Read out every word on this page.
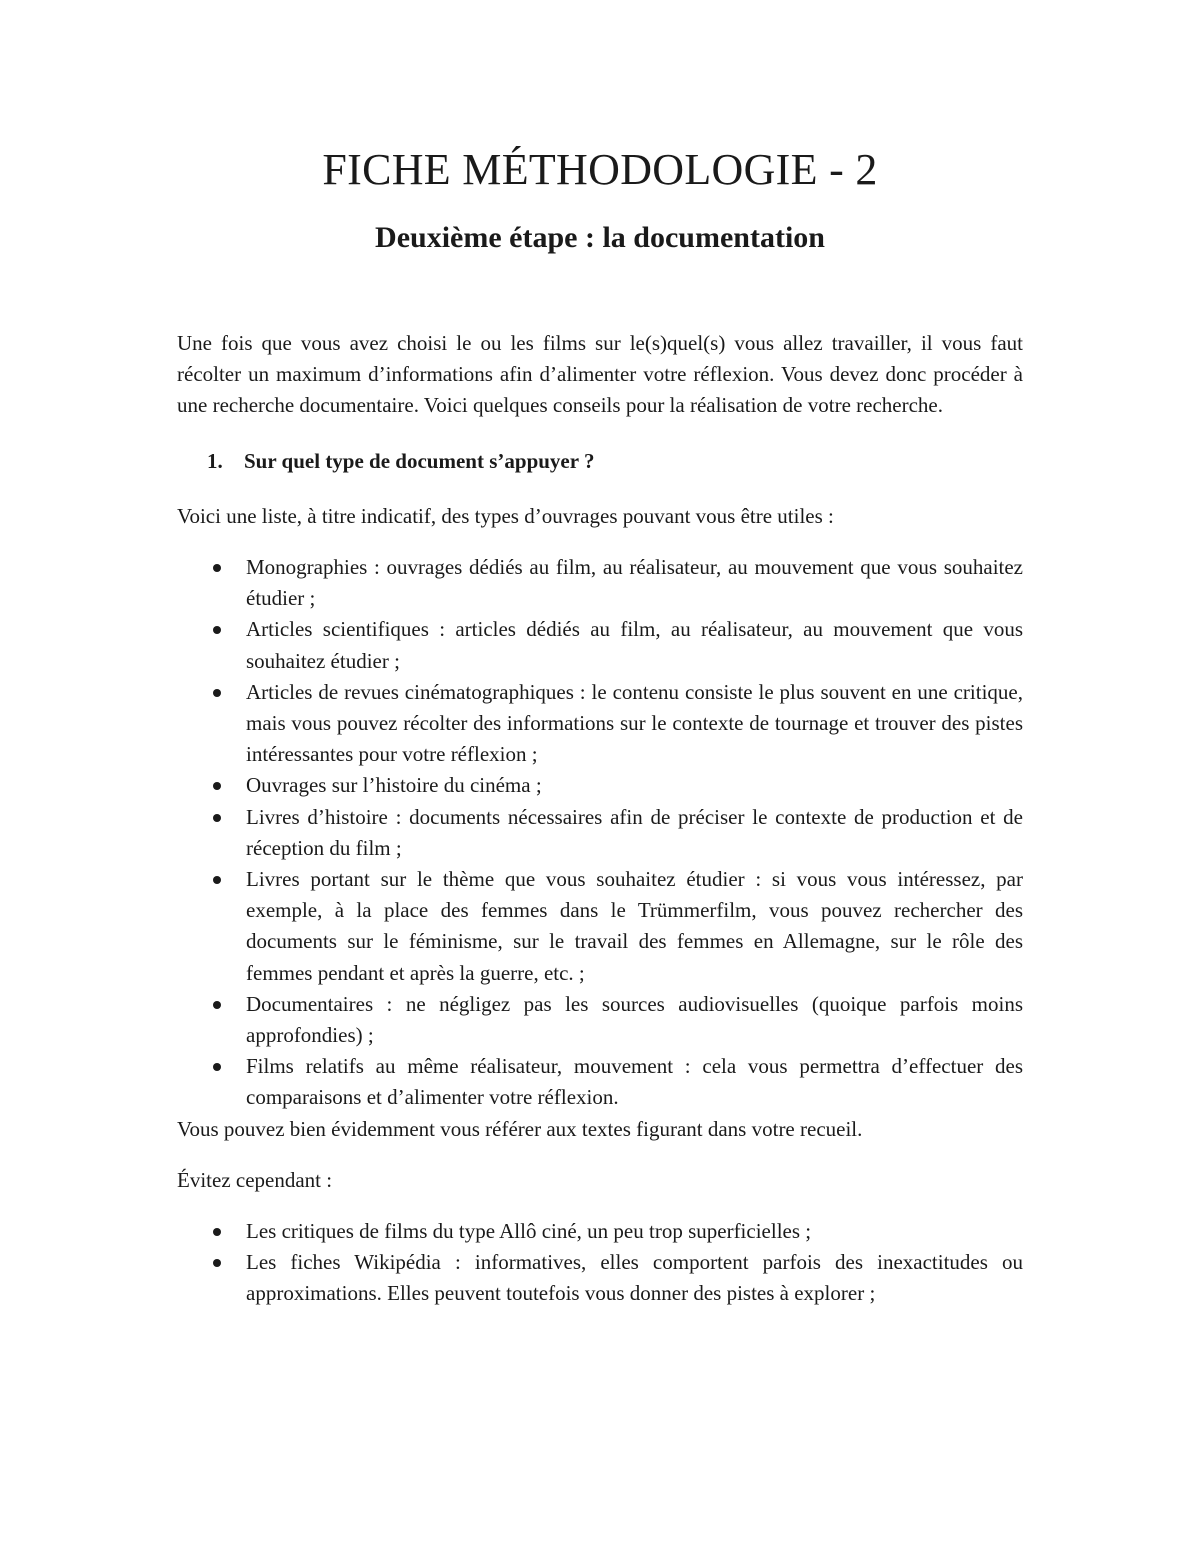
FICHE MÉTHODOLOGIE - 2
Deuxième étape : la documentation

Une fois que vous avez choisi le ou les films sur le(s)quel(s) vous allez travailler, il vous faut récolter un maximum d’informations afin d’alimenter votre réflexion. Vous devez donc procéder à une recherche documentaire. Voici quelques conseils pour la réalisation de votre recherche.

1.	Sur quel type de document s’appuyer ?

Voici une liste, à titre indicatif, des types d’ouvrages pouvant vous être utiles :

Monographies : ouvrages dédiés au film, au réalisateur, au mouvement que vous souhaitez étudier ;
Articles scientifiques : articles dédiés au film, au réalisateur, au mouvement que vous souhaitez étudier ;
Articles de revues cinématographiques : le contenu consiste le plus souvent en une critique, mais vous pouvez récolter des informations sur le contexte de tournage et trouver des pistes intéressantes pour votre réflexion ;
Ouvrages sur l’histoire du cinéma ;
Livres d’histoire : documents nécessaires afin de préciser le contexte de production et de réception du film ;
Livres portant sur le thème que vous souhaitez étudier : si vous vous intéressez, par exemple, à la place des femmes dans le Trümmerfilm, vous pouvez rechercher des documents sur le féminisme, sur le travail des femmes en Allemagne, sur le rôle des femmes pendant et après la guerre, etc. ;
Documentaires : ne négligez pas les sources audiovisuelles (quoique parfois moins approfondies) ;
Films relatifs au même réalisateur, mouvement : cela vous permettra d’effectuer des comparaisons et d’alimenter votre réflexion.

Vous pouvez bien évidemment vous référer aux textes figurant dans votre recueil.

Évitez cependant :

Les critiques de films du type Allô ciné, un peu trop superficielles ;
Les fiches Wikipédia : informatives, elles comportent parfois des inexactitudes ou approximations. Elles peuvent toutefois vous donner des pistes à explorer ;
